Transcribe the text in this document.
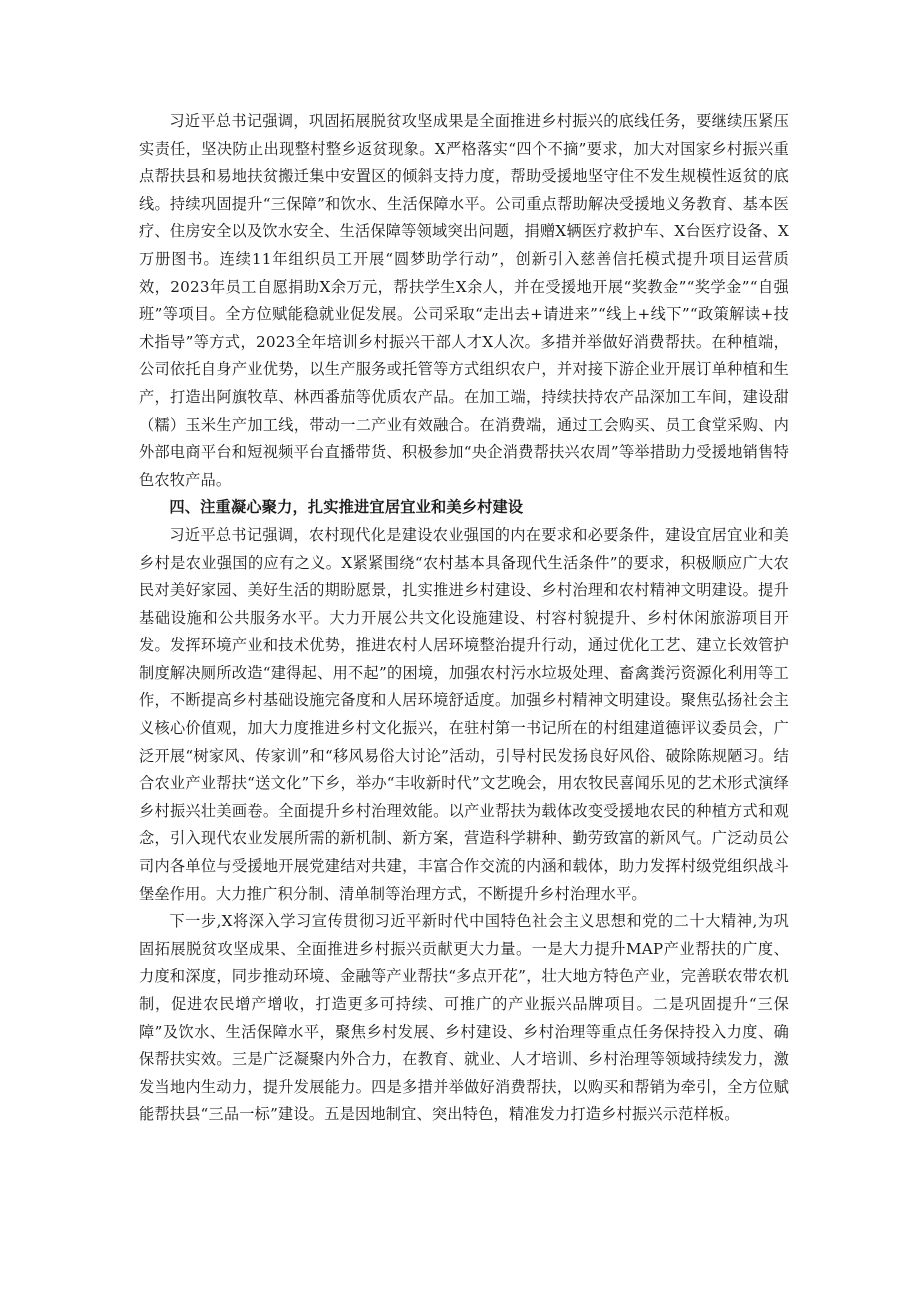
习近平总书记强调，巩固拓展脱贫攻坚成果是全面推进乡村振兴的底线任务，要继续压紧压实责任，坚决防止出现整村整乡返贫现象。X严格落实“四个不摘”要求，加大对国家乡村振兴重点帮扶县和易地扶贫搬迁集中安置区的倾斜支持力度，帮助受援地坚守住不发生规模性返贫的底线。持续巩固提升“三保障”和饮水、生活保障水平。公司重点帮助解决受援地义务教育、基本医疗、住房安全以及饮水安全、生活保障等领域突出问题，捐赠X辆医疗救护车、X台医疗设备、X万册图书。连续11年组织员工开展“圆梦助学行动”，创新引入慈善信托模式提升项目运营质效，2023年员工自愿捐助X余万元，帮扶学生X余人，并在受援地开展“奖教金”“奖学金”“自强班”等项目。全方位赋能稳就业促发展。公司采取“走出去+请进来”“线上+线下”“政策解读+技术指导”等方式，2023全年培训乡村振兴干部人才X人次。多措并举做好消费帮扶。在种植端，公司依托自身产业优势，以生产服务或托管等方式组织农户，并对接下游企业开展订单种植和生产，打造出阿旗牧草、林西番茄等优质农产品。在加工端，持续扶持农产品深加工车间，建设甜（糯）玉米生产加工线，带动一二产业有效融合。在消费端，通过工会购买、员工食堂采购、内外部电商平台和短视频平台直播带货、积极参加“央企消费帮扶兴农周”等举措助力受援地销售特色农牧产品。

四、注重凝心聚力，扎实推进宜居宜业和美乡村建设

习近平总书记强调，农村现代化是建设农业强国的内在要求和必要条件，建设宜居宜业和美乡村是农业强国的应有之义。X紧紧围绕“农村基本具备现代生活条件”的要求，积极顺应广大农民对美好家园、美好生活的期盼愿景，扎实推进乡村建设、乡村治理和农村精神文明建设。提升基础设施和公共服务水平。大力开展公共文化设施建设、村容村貌提升、乡村休闲旅游项目开发。发挥环境产业和技术优势，推进农村人居环境整治提升行动，通过优化工艺、建立长效管护制度解决厕所改造“建得起、用不起”的困境，加强农村污水垃圾处理、畜禽粪污资源化利用等工作，不断提高乡村基础设施完备度和人居环境舒适度。加强乡村精神文明建设。聚焦弘扬社会主义核心价值观，加大力度推进乡村文化振兴，在驻村第一书记所在的村组建道德评议委员会，广泛开展“树家风、传家训”和“移风易俗大讨论”活动，引导村民发扬良好风俗、破除陈规陋习。结合农业产业帮扶“送文化”下乡，举办“丰收新时代”文艺晚会，用农牧民喜闻乐见的艺术形式演绎乡村振兴壮美画卷。全面提升乡村治理效能。以产业帮扶为载体改变受援地农民的种植方式和观念，引入现代农业发展所需的新机制、新方案，营造科学耕种、勤劳致富的新风气。广泛动员公司内各单位与受援地开展党建结对共建，丰富合作交流的内涵和载体，助力发挥村级党组织战斗堡垒作用。大力推广积分制、清单制等治理方式，不断提升乡村治理水平。

下一步,X将深入学习宣传贯彻习近平新时代中国特色社会主义思想和党的二十大精神,为巩固拓展脱贫攻坚成果、全面推进乡村振兴贡献更大力量。一是大力提升MAP产业帮扶的广度、力度和深度，同步推动环境、金融等产业帮扶“多点开花”，壮大地方特色产业，完善联农带农机制，促进农民增产增收，打造更多可持续、可推广的产业振兴品牌项目。二是巩固提升“三保障”及饮水、生活保障水平，聚焦乡村发展、乡村建设、乡村治理等重点任务保持投入力度、确保帮扶实效。三是广泛凝聚内外合力，在教育、就业、人才培训、乡村治理等领域持续发力，激发当地内生动力，提升发展能力。四是多措并举做好消费帮扶，以购买和帮销为牵引，全方位赋能帮扶县“三品一标”建设。五是因地制宜、突出特色，精准发力打造乡村振兴示范样板。
